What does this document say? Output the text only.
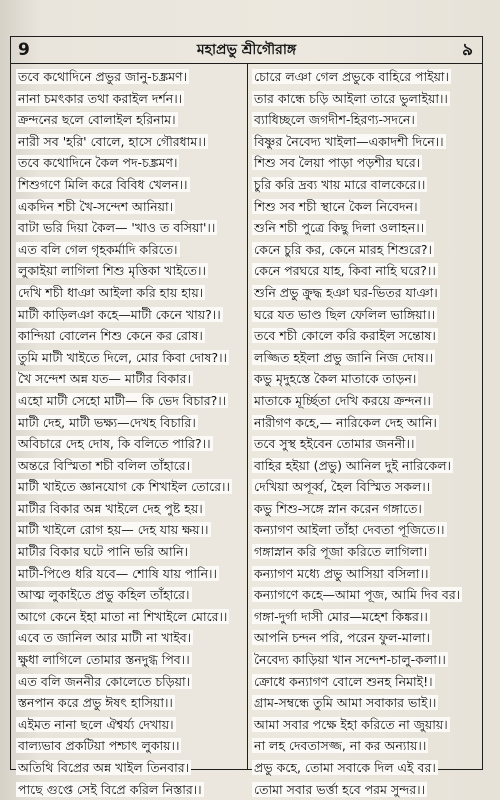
9	মহাপ্রভু শ্রীগৌরাঙ্গ	৯
তবে কথোদিনে প্রভুর জানু-চঙ্ক্রমণ।
নানা চমৎকার তথা করাইল দর্শন।।
ক্রন্দনের ছলে বোলাইল হরিনাম।
নারী সব 'হরি' বোলে, হাসে গৌরধাম।।
তবে কথোদিনে কৈল পদ-চঙ্ক্রমণ।
শিশুগণে মিলি করে বিবিধ খেলন।।
একদিন শচী খৈ-সন্দেশ আনিয়া।
বাটা ভরি দিয়া কৈল— 'খাও ত বসিয়া'।।
এত বলি গেল গৃহকর্মাদি করিতে।
লুকাইয়া লাগিলা শিশু মৃত্তিকা খাইতে।।
দেখি শচী ধাঞা আইলা করি হায় হায়।
মাটী কাড়িলঞা কহে—মাটী কেনে খায়?।।
কান্দিয়া বোলেন শিশু কেনে কর রোষ।
তুমি মাটী খাইতে দিলে, মোর কিবা দোষ?।।
খৈ সন্দেশ অন্ন যত— মাটীর বিকার।
এহো মাটী সেহো মাটী— কি ভেদ বিচার?।।
মাটী দেহ, মাটী ভক্ষ্য—দেখহ বিচারি।
অবিচারে দেহ দোষ, কি বলিতে পারি?।।
অন্তরে বিস্মিতা শচী বলিল তাঁহারে।
মাটী খাইতে জ্ঞানযোগ কে শিখাইল তোরে।।
মাটীর বিকার অন্ন খাইলে দেহ পুষ্ট হয়।
মাটী খাইলে রোগ হয়— দেহ যায় ক্ষয়।।
মাটীর বিকার ঘটে পানি ভরি আনি।
মাটী-পিণ্ডে ধরি যবে— শোষি যায় পানি।।
আত্ম লুকাইতে প্রভু কহিল তাঁহারে।
আগে কেনে ইহা মাতা না শিখাইলে মোরে।।
এবে ত জানিল আর মাটী না খাইব।
ক্ষুধা লাগিলে তোমার স্তনদুগ্ধ পিব।।
এত বলি জননীর কোলেতে চড়িয়া।
স্তনপান করে প্রভু ঈষৎ হাসিয়া।।
এইমত নানা ছলে ঐশ্বর্য্য দেখায়।
বাল্যভাব প্রকটিয়া পশ্চাৎ লুকায়।।
অতিথি বিপ্রের অন্ন খাইল তিনবার।
পাছে গুপ্তে সেই বিপ্রে করিল নিস্তার।।
চোরে লঞা গেল প্রভুকে বাহিরে পাইয়া।
তার কান্ধে চড়ি আইলা তারে ভুলাইয়া।।
ব্যাধিচ্ছলে জগদীশ-হিরণ্য-সদনে।
বিষ্ণুর নৈবেদ্য খাইলা—একাদশী দিনে।।
শিশু সব লৈয়া পাড়া পড়শীর ঘরে।
চুরি করি দ্রব্য খায় মারে বালকেরে।।
শিশু সব শচী স্থানে কৈল নিবেদন।
শুনি শচী পুত্রে কিছু দিলা ওলাহন।।
কেনে চুরি কর, কেনে মারহ শিশুরে?।
কেনে পরঘরে যাহ, কিবা নাহি ঘরে?।।
শুনি প্রভু ক্রুদ্ধ হঞা ঘর-ভিতর যাঞা।
ঘরে যত ভাণ্ড ছিল ফেলিল ভাঙ্গিয়া।।
তবে শচী কোলে করি করাইল সন্তোষ।
লজ্জিত হইলা প্রভু জানি নিজ দোষ।।
কভু মৃদুহস্তে কৈল মাতাকে তাড়ন।
মাতাকে মূর্চ্ছিতা দেখি করয়ে ক্রন্দন।।
নারীগণ কহে,— নারিকেল দেহ আনি।
তবে সুস্থ হইবেন তোমার জননী।।
বাহির হইয়া (প্রভু) আনিল দুই নারিকেল।
দেখিয়া অপূর্ব্ব, হৈল বিস্মিত সকল।।
কভু শিশু-সঙ্গে স্নান করেন গঙ্গাতে।
কন্যাগণ আইলা তাঁহা দেবতা পূজিতে।।
গঙ্গাস্নান করি পূজা করিতে লাগিলা।
কন্যাগণ মধ্যে প্রভু আসিয়া বসিলা।।
কন্যাগণে কহে—আমা পূজ, আমি দিব বর।
গঙ্গা-দুর্গা দাসী মোর—মহেশ কিঙ্কর।।
আপনি চন্দন পরি, পরেন ফুল-মালা।
নৈবেদ্য কাড়িয়া খান সন্দেশ-চালু-কলা।।
ক্রোধে কন্যাগণ বোলে শুনহ নিমাই!।
গ্রাম-সম্বন্ধে তুমি আমা সবাকার ভাই।।
আমা সবার পক্ষে ইহা করিতে না জুয়ায়।
না লহ দেবতাসজ্জ, না কর অন্যায়।।
প্রভু কহে, তোমা সবাকে দিল এই বর।
তোমা সবার ভর্ত্তা হবে পরম সুন্দর।।
